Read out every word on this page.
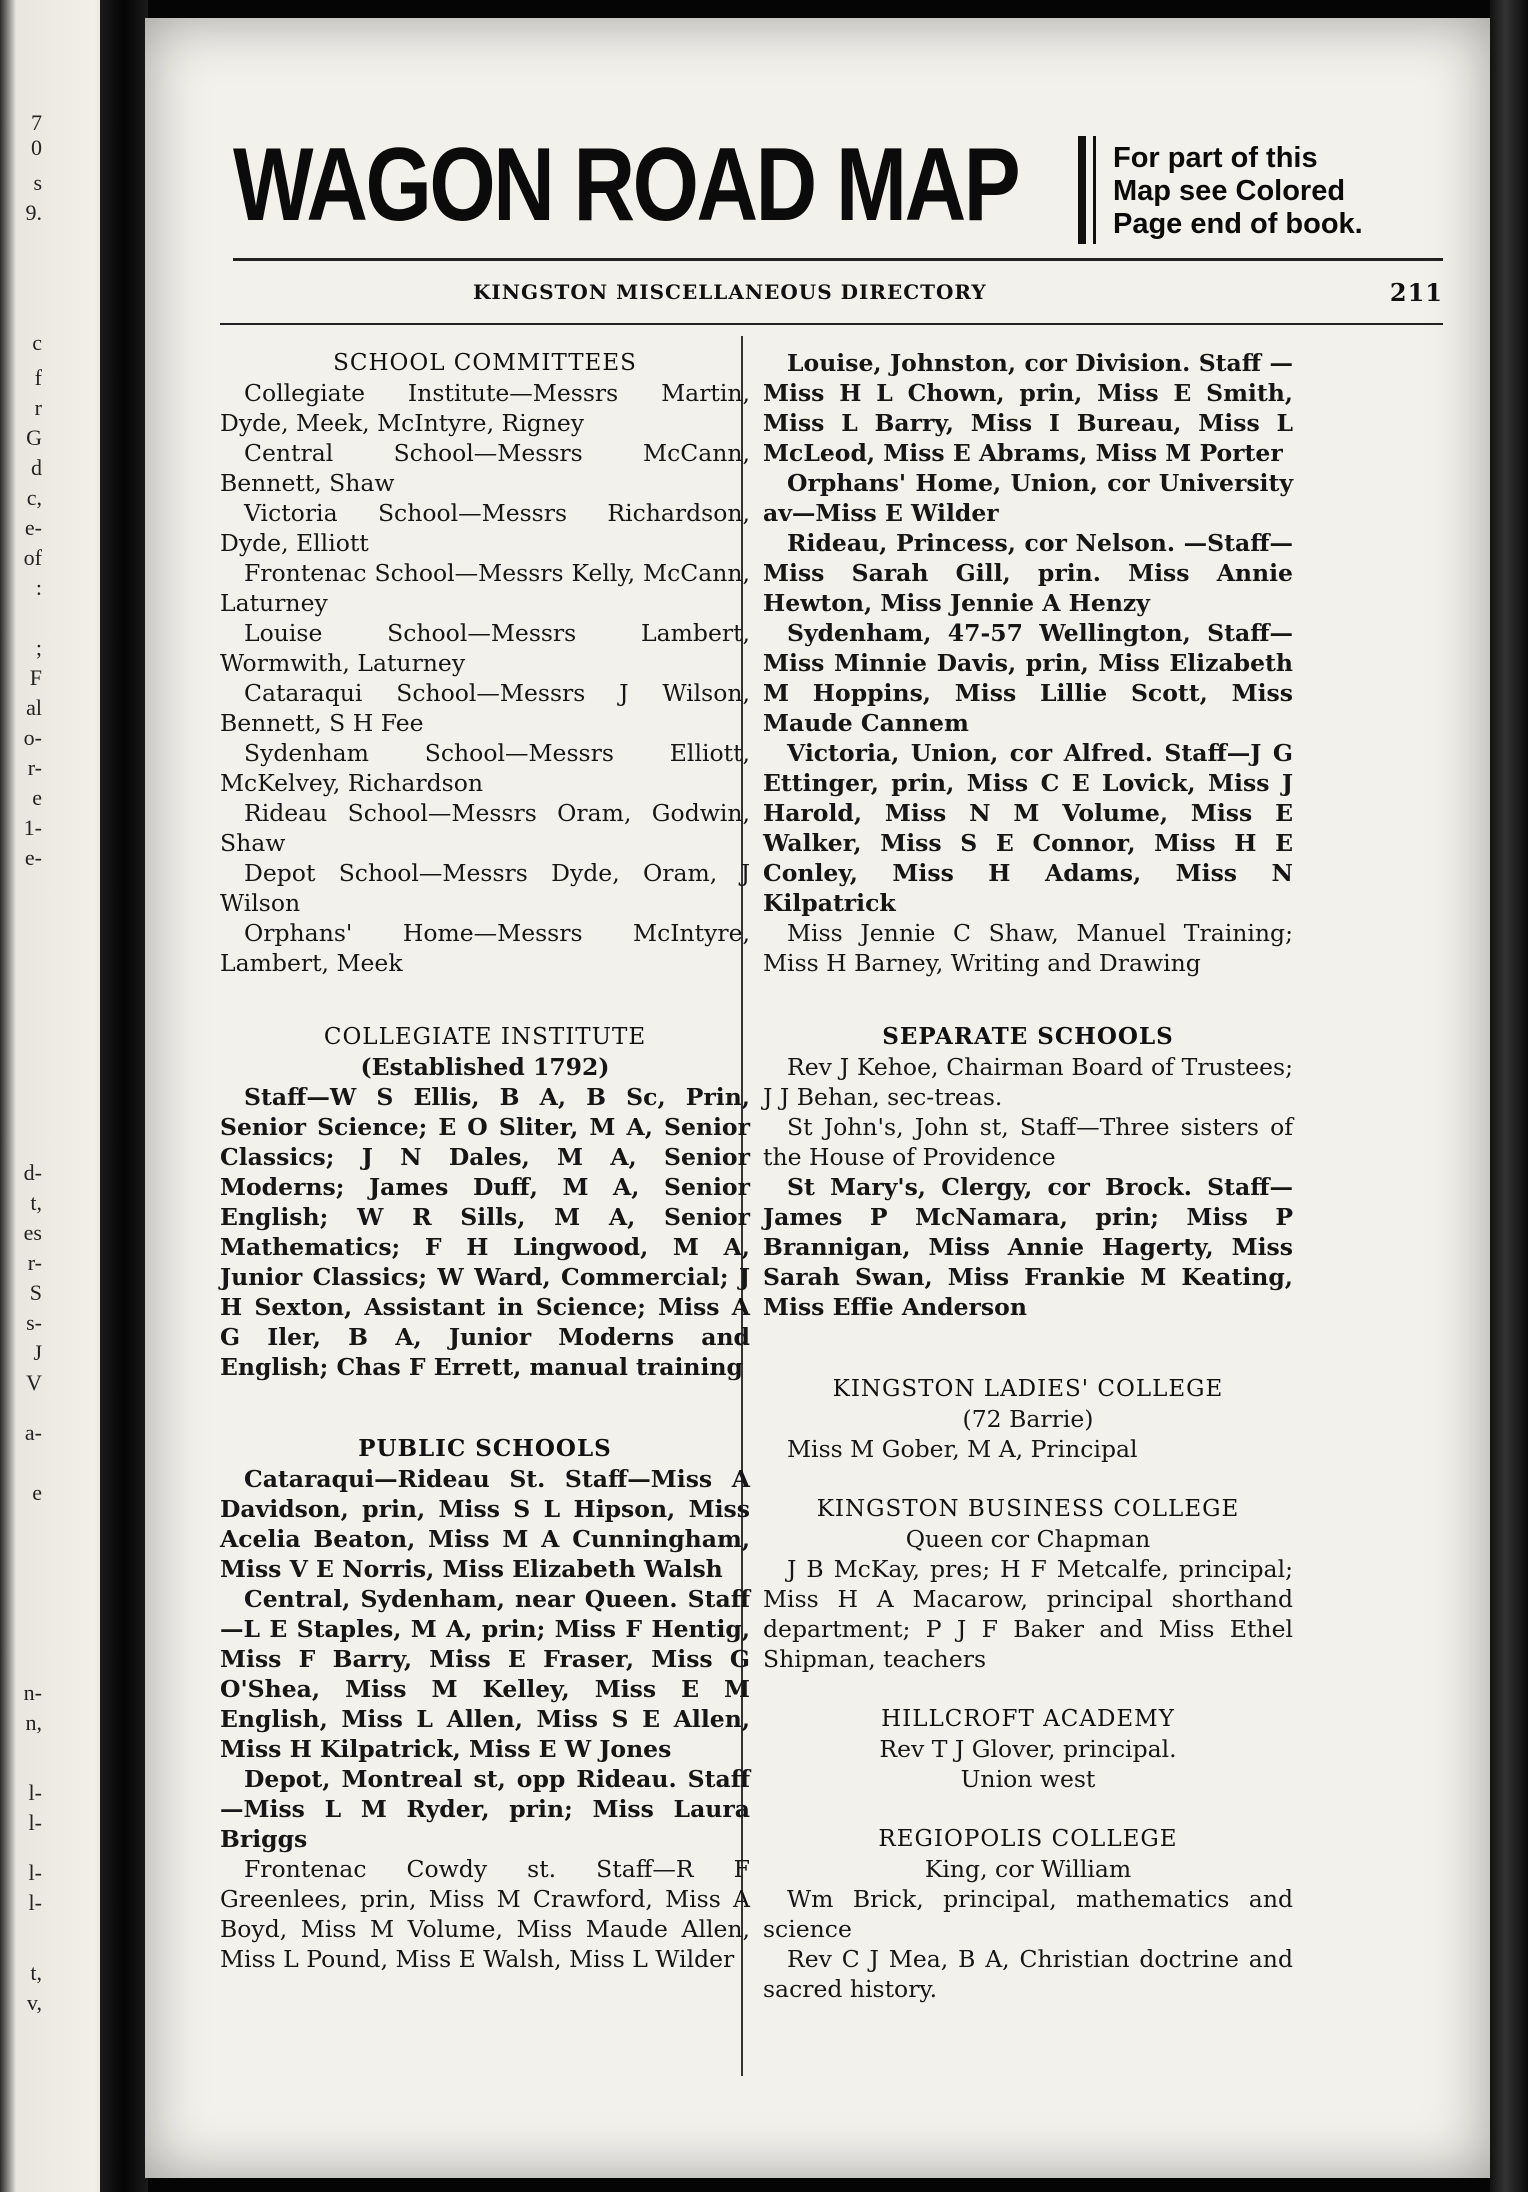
7
0
s
9.
c
f
r
G
d
c,
e-
of
:
;
F
al
o-
r-
e
1-
e-
d-
t,
es
r-
S
s-
J
V
a-
e
n-
n,
l-
l-
l-
l-
t,
v,
WAGON ROAD MAP	For part of this
Map see Colored
Page end of book.
KINGSTON MISCELLANEOUS DIRECTORY	211
SCHOOL COMMITTEES

Collegiate Institute—Messrs Martin, Dyde, Meek, McIntyre, Rigney

Central School—Messrs McCann, Bennett, Shaw

Victoria School—Messrs Richardson, Dyde, Elliott

Frontenac School—Messrs Kelly, McCann, Laturney

Louise School—Messrs Lambert, Wormwith, Laturney

Cataraqui School—Messrs J Wilson, Bennett, S H Fee

Sydenham School—Messrs Elliott, McKelvey, Richardson

Rideau School—Messrs Oram, Godwin, Shaw

Depot School—Messrs Dyde, Oram, J Wilson

Orphans' Home—Messrs McIntyre, Lambert, Meek

COLLEGIATE INSTITUTE
(Established 1792)

Staff—W S Ellis, B A, B Sc, Prin, Senior Science; E O Sliter, M A, Senior Classics; J N Dales, M A, Senior Moderns; James Duff, M A, Senior English; W R Sills, M A, Senior Mathematics; F H Lingwood, M A, Junior Classics; W Ward, Commercial; J H Sexton, Assistant in Science; Miss A G Iler, B A, Junior Moderns and English; Chas F Errett, manual training

PUBLIC SCHOOLS

Cataraqui—Rideau St. Staff—Miss A Davidson, prin, Miss S L Hipson, Miss Acelia Beaton, Miss M A Cunningham, Miss V E Norris, Miss Elizabeth Walsh

Central, Sydenham, near Queen. Staff—L E Staples, M A, prin; Miss F Hentig, Miss F Barry, Miss E Fraser, Miss G O'Shea, Miss M Kelley, Miss E M English, Miss L Allen, Miss S E Allen, Miss H Kilpatrick, Miss E W Jones

Depot, Montreal st, opp Rideau. Staff—Miss L M Ryder, prin; Miss Laura Briggs

Frontenac Cowdy st. Staff—R F Greenlees, prin, Miss M Crawford, Miss A Boyd, Miss M Volume, Miss Maude Allen, Miss L Pound, Miss E Walsh, Miss L Wilder

Louise, Johnston, cor Division. Staff —Miss H L Chown, prin, Miss E Smith, Miss L Barry, Miss I Bureau, Miss L McLeod, Miss E Abrams, Miss M Porter

Orphans' Home, Union, cor University av—Miss E Wilder

Rideau, Princess, cor Nelson. —Staff—Miss Sarah Gill, prin. Miss Annie Hewton, Miss Jennie A Henzy

Sydenham, 47-57 Wellington, Staff—Miss Minnie Davis, prin, Miss Elizabeth M Hoppins, Miss Lillie Scott, Miss Maude Cannem

Victoria, Union, cor Alfred. Staff—J G Ettinger, prin, Miss C E Lovick, Miss J Harold, Miss N M Volume, Miss E Walker, Miss S E Connor, Miss H E Conley, Miss H Adams, Miss N Kilpatrick

Miss Jennie C Shaw, Manuel Training; Miss H Barney, Writing and Drawing

SEPARATE SCHOOLS

Rev J Kehoe, Chairman Board of Trustees; J J Behan, sec-treas.

St John's, John st, Staff—Three sisters of the House of Providence

St Mary's, Clergy, cor Brock. Staff—James P McNamara, prin; Miss P Brannigan, Miss Annie Hagerty, Miss Sarah Swan, Miss Frankie M Keating, Miss Effie Anderson

KINGSTON LADIES' COLLEGE
(72 Barrie)

Miss M Gober, M A, Principal

KINGSTON BUSINESS COLLEGE
Queen cor Chapman

J B McKay, pres; H F Metcalfe, principal; Miss H A Macarow, principal shorthand department; P J F Baker and Miss Ethel Shipman, teachers

HILLCROFT ACADEMY
Rev T J Glover, principal.
Union west
REGIOPOLIS COLLEGE
King, cor William

Wm Brick, principal, mathematics and science

Rev C J Mea, B A, Christian doctrine and sacred history.
